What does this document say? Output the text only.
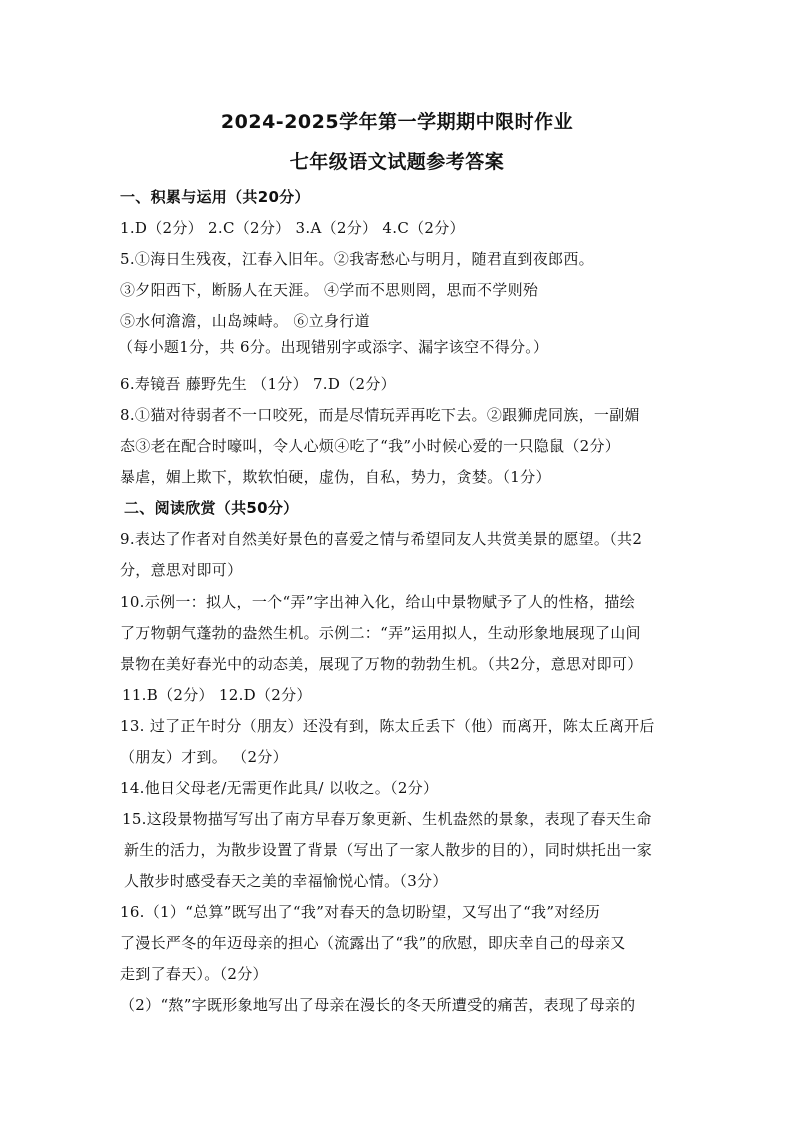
2024-2025学年第一学期期中限时作业
七年级语文试题参考答案
一、积累与运用（共20分）
1.D（2分） 2.C（2分） 3.A（2分） 4.C（2分）
5.①海日生残夜，江春入旧年。②我寄愁心与明月，随君直到夜郎西。
③夕阳西下，断肠人在天涯。 ④学而不思则罔，思而不学则殆
⑤水何澹澹，山岛竦峙。 ⑥立身行道
（每小题1分，共 6分。出现错别字或添字、漏字该空不得分。）
6.寿镜吾 藤野先生 （1分） 7.D（2分）
8.①猫对待弱者不一口咬死，而是尽情玩弄再吃下去。②跟狮虎同族，一副媚
态③老在配合时嚎叫，令人心烦④吃了“我”小时候心爱的一只隐鼠（2分）
暴虐，媚上欺下，欺软怕硬，虚伪，自私，势力，贪婪。（1分）
二、阅读欣赏（共50分）
9.表达了作者对自然美好景色的喜爱之情与希望同友人共赏美景的愿望。（共2
分，意思对即可）
10.示例一：拟人，一个“弄”字出神入化，给山中景物赋予了人的性格，描绘
了万物朝气蓬勃的盎然生机。示例二：“弄”运用拟人，生动形象地展现了山间
景物在美好春光中的动态美，展现了万物的勃勃生机。（共2分，意思对即可）
11.B（2分） 12.D（2分）
13. 过了正午时分（朋友）还没有到，陈太丘丢下（他）而离开，陈太丘离开后
（朋友）才到。 （2分）
14.他日父母老/无需更作此具/ 以收之。（2分）
15.这段景物描写写出了南方早春万象更新、生机盎然的景象，表现了春天生命
新生的活力，为散步设置了背景（写出了一家人散步的目的），同时烘托出一家
人散步时感受春天之美的幸福愉悦心情。（3分）
16.（1）“总算”既写出了“我”对春天的急切盼望，又写出了“我”对经历
了漫长严冬的年迈母亲的担心（流露出了“我”的欣慰，即庆幸自己的母亲又
走到了春天）。（2分）
（2）“熬”字既形象地写出了母亲在漫长的冬天所遭受的痛苦，表现了母亲的
